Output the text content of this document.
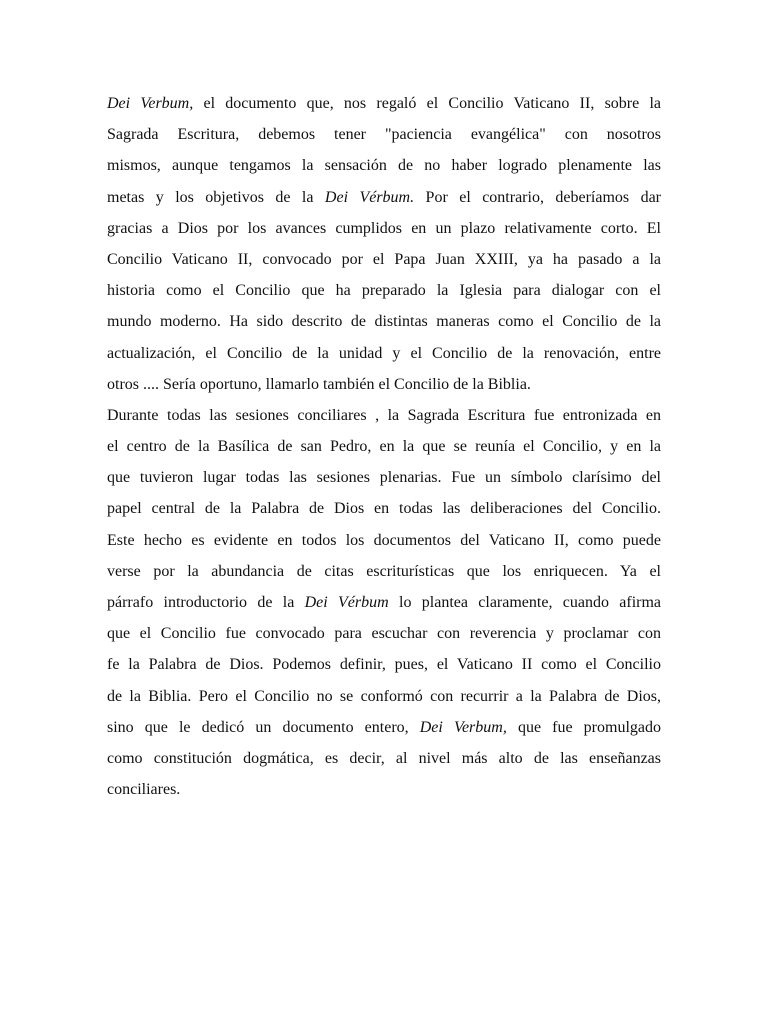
Dei Verbum, el documento que, nos regaló el Concilio Vaticano II, sobre la
Sagrada Escritura, debemos tener "paciencia evangélica" con nosotros
mismos, aunque tengamos la sensación de no haber logrado plenamente las
metas y los objetivos de la Dei Vérbum. Por el contrario, deberíamos dar
gracias a Dios por los avances cumplidos en un plazo relativamente corto. El
Concilio Vaticano II, convocado por el Papa Juan XXIII, ya ha pasado a la
historia como el Concilio que ha preparado la Iglesia para dialogar con el
mundo moderno. Ha sido descrito de distintas maneras como el Concilio de la
actualización, el Concilio de la unidad y el Concilio de la renovación, entre
otros .... Sería oportuno, llamarlo también el Concilio de la Biblia.
Durante todas las sesiones conciliares , la Sagrada Escritura fue entronizada en
el centro de la Basílica de san Pedro, en la que se reunía el Concilio, y en la
que tuvieron lugar todas las sesiones plenarias. Fue un símbolo clarísimo del
papel central de la Palabra de Dios en todas las deliberaciones del Concilio.
Este hecho es evidente en todos los documentos del Vaticano II, como puede
verse por la abundancia de citas escriturísticas que los enriquecen. Ya el
párrafo introductorio de la Dei Vérbum lo plantea claramente, cuando afirma
que el Concilio fue convocado para escuchar con reverencia y proclamar con
fe la Palabra de Dios. Podemos definir, pues, el Vaticano II como el Concilio
de la Biblia. Pero el Concilio no se conformó con recurrir a la Palabra de Dios,
sino que le dedicó un documento entero, Dei Verbum, que fue promulgado
como constitución dogmática, es decir, al nivel más alto de las enseñanzas
conciliares.
